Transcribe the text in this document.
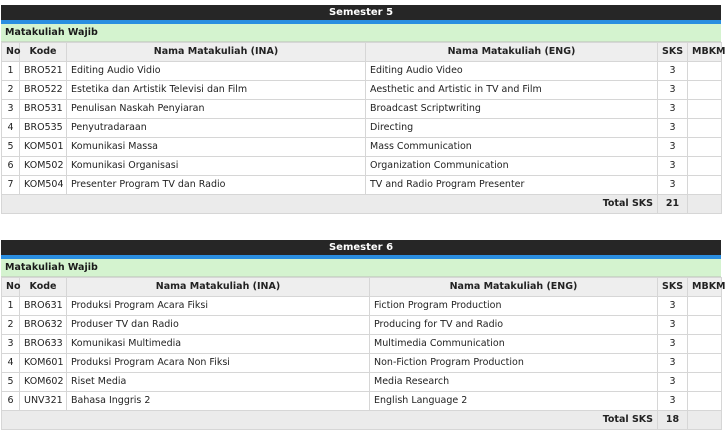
Semester 5
Matakuliah Wajib
No	Kode	Nama Matakuliah (INA)	Nama Matakuliah (ENG)	SKS	MBKM
1	BRO521	Editing Audio Vidio	Editing Audio Video	3	
2	BRO522	Estetika dan Artistik Televisi dan Film	Aesthetic and Artistic in TV and Film	3	
3	BRO531	Penulisan Naskah Penyiaran	Broadcast Scriptwriting	3	
4	BRO535	Penyutradaraan	Directing	3	
5	KOM501	Komunikasi Massa	Mass Communication	3	
6	KOM502	Komunikasi Organisasi	Organization Communication	3	
7	KOM504	Presenter Program TV dan Radio	TV and Radio Program Presenter	3	
Total SKS				21	
Semester 6
Matakuliah Wajib
No	Kode	Nama Matakuliah (INA)	Nama Matakuliah (ENG)	SKS	MBKM
1	BRO631	Produksi Program Acara Fiksi	Fiction Program Production	3	
2	BRO632	Produser TV dan Radio	Producing for TV and Radio	3	
3	BRO633	Komunikasi Multimedia	Multimedia Communication	3	
4	KOM601	Produksi Program Acara Non Fiksi	Non-Fiction Program Production	3	
5	KOM602	Riset Media	Media Research	3	
6	UNV321	Bahasa Inggris 2	English Language 2	3	
Total SKS				18	
